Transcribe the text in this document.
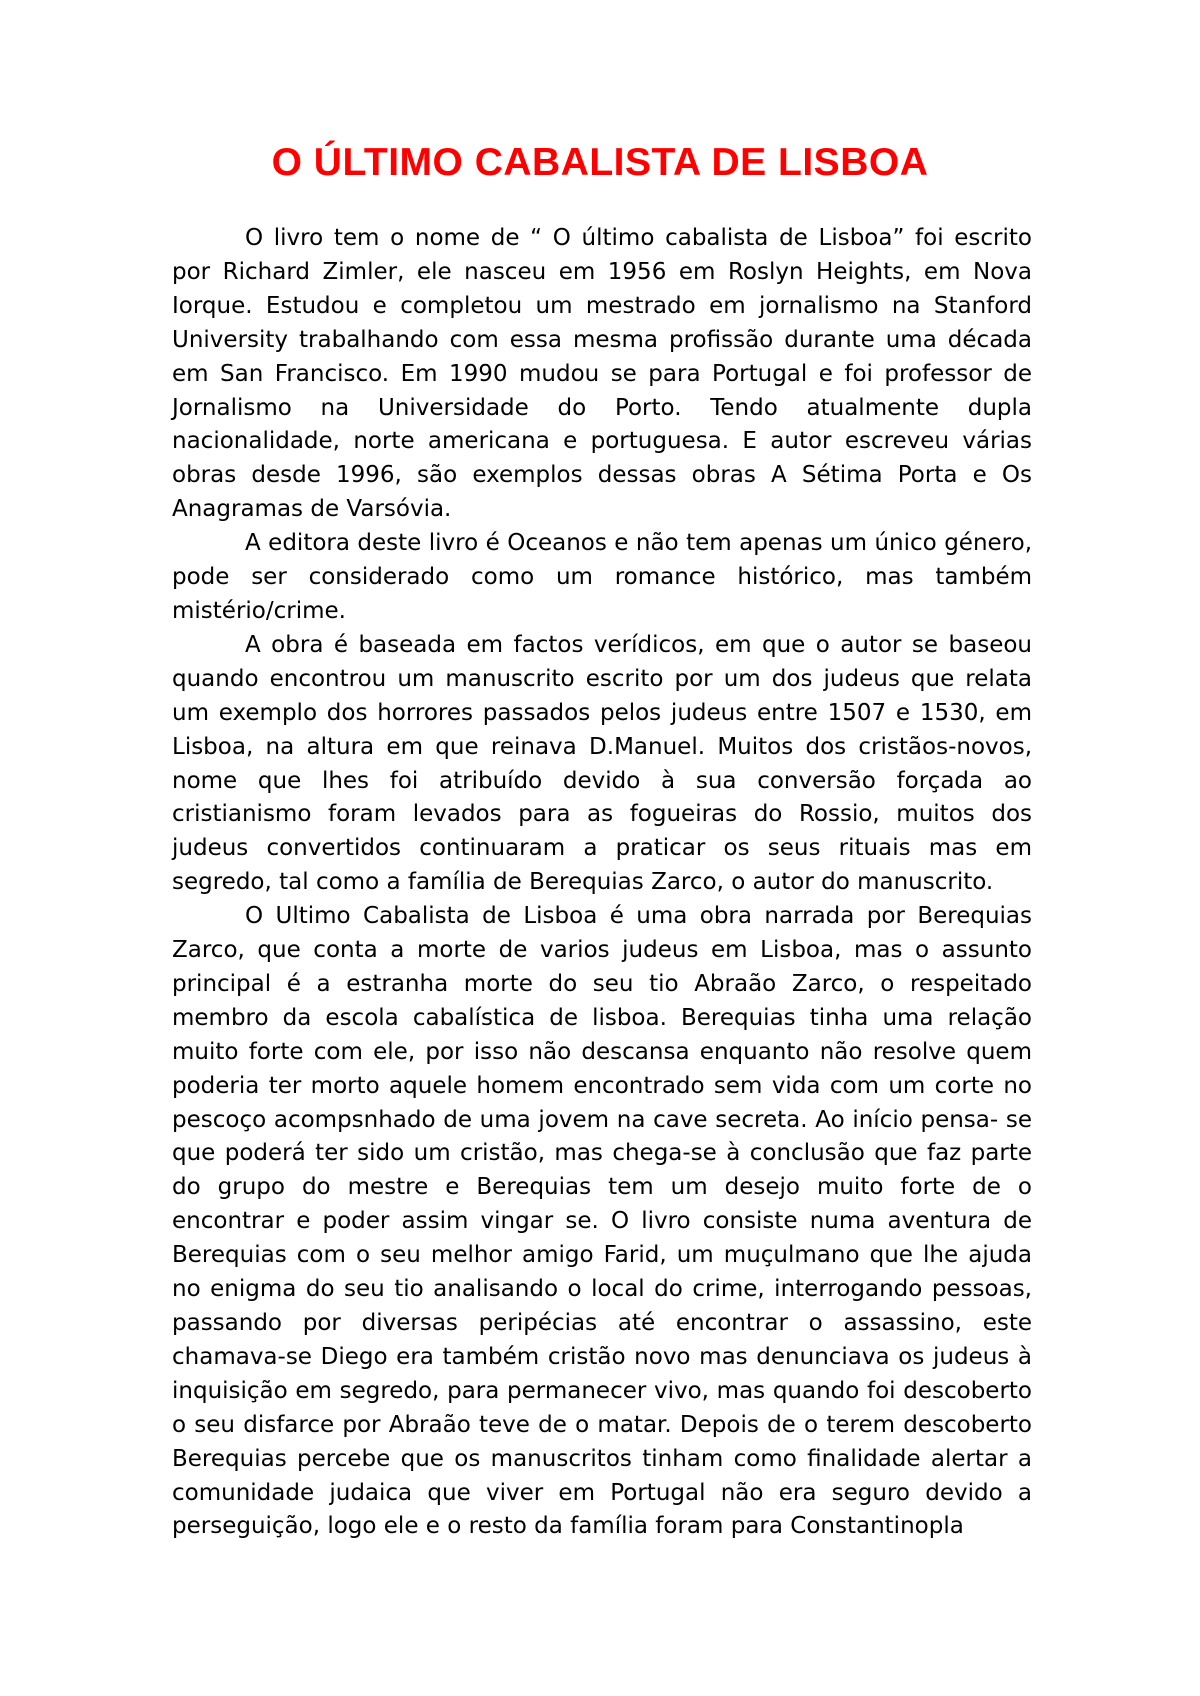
O ÚLTIMO CABALISTA DE LISBOA

O livro tem o nome de “ O último cabalista de Lisboa” foi escrito por Richard Zimler, ele nasceu em 1956 em Roslyn Heights, em Nova Iorque. Estudou e completou um mestrado em jornalismo na Stanford University trabalhando com essa mesma profissão durante uma década em San Francisco. Em 1990 mudou se para Portugal e foi professor de Jornalismo na Universidade do Porto. Tendo atualmente dupla nacionalidade, norte americana e portuguesa. E autor escreveu várias obras desde 1996, são exemplos dessas obras A Sétima Porta e Os Anagramas de Varsóvia.

A editora deste livro é Oceanos e não tem apenas um único género, pode ser considerado como um romance histórico, mas também mistério/crime.

A obra é baseada em factos verídicos, em que o autor se baseou quando encontrou um manuscrito escrito por um dos judeus que relata um exemplo dos horrores passados pelos judeus entre 1507 e 1530, em Lisboa, na altura em que reinava D.Manuel. Muitos dos cristãos-novos, nome que lhes foi atribuído devido à sua conversão forçada ao cristianismo foram levados para as fogueiras do Rossio, muitos dos judeus convertidos continuaram a praticar os seus rituais mas em segredo, tal como a família de Berequias Zarco, o autor do manuscrito.

O Ultimo Cabalista de Lisboa é uma obra narrada por Berequias Zarco, que conta a morte de varios judeus em Lisboa, mas o assunto principal é a estranha morte do seu tio Abraão Zarco, o respeitado membro da escola cabalística de lisboa. Berequias tinha uma relação muito forte com ele, por isso não descansa enquanto não resolve quem poderia ter morto aquele homem encontrado sem vida com um corte no pescoço acompsnhado de uma jovem na cave secreta. Ao início pensa- se que poderá ter sido um cristão, mas chega-se à conclusão que faz parte do grupo do mestre e Berequias tem um desejo muito forte de o encontrar e poder assim vingar se. O livro consiste numa aventura de Berequias com o seu melhor amigo Farid, um muçulmano que lhe ajuda no enigma do seu tio analisando o local do crime, interrogando pessoas, passando por diversas peripécias até encontrar o assassino, este chamava-se Diego era também cristão novo mas denunciava os judeus à inquisição em segredo, para permanecer vivo, mas quando foi descoberto o seu disfarce por Abraão teve de o matar. Depois de o terem descoberto Berequias percebe que os manuscritos tinham como finalidade alertar a comunidade judaica que viver em Portugal não era seguro devido a perseguição, logo ele e o resto da família foram para Constantinopla
